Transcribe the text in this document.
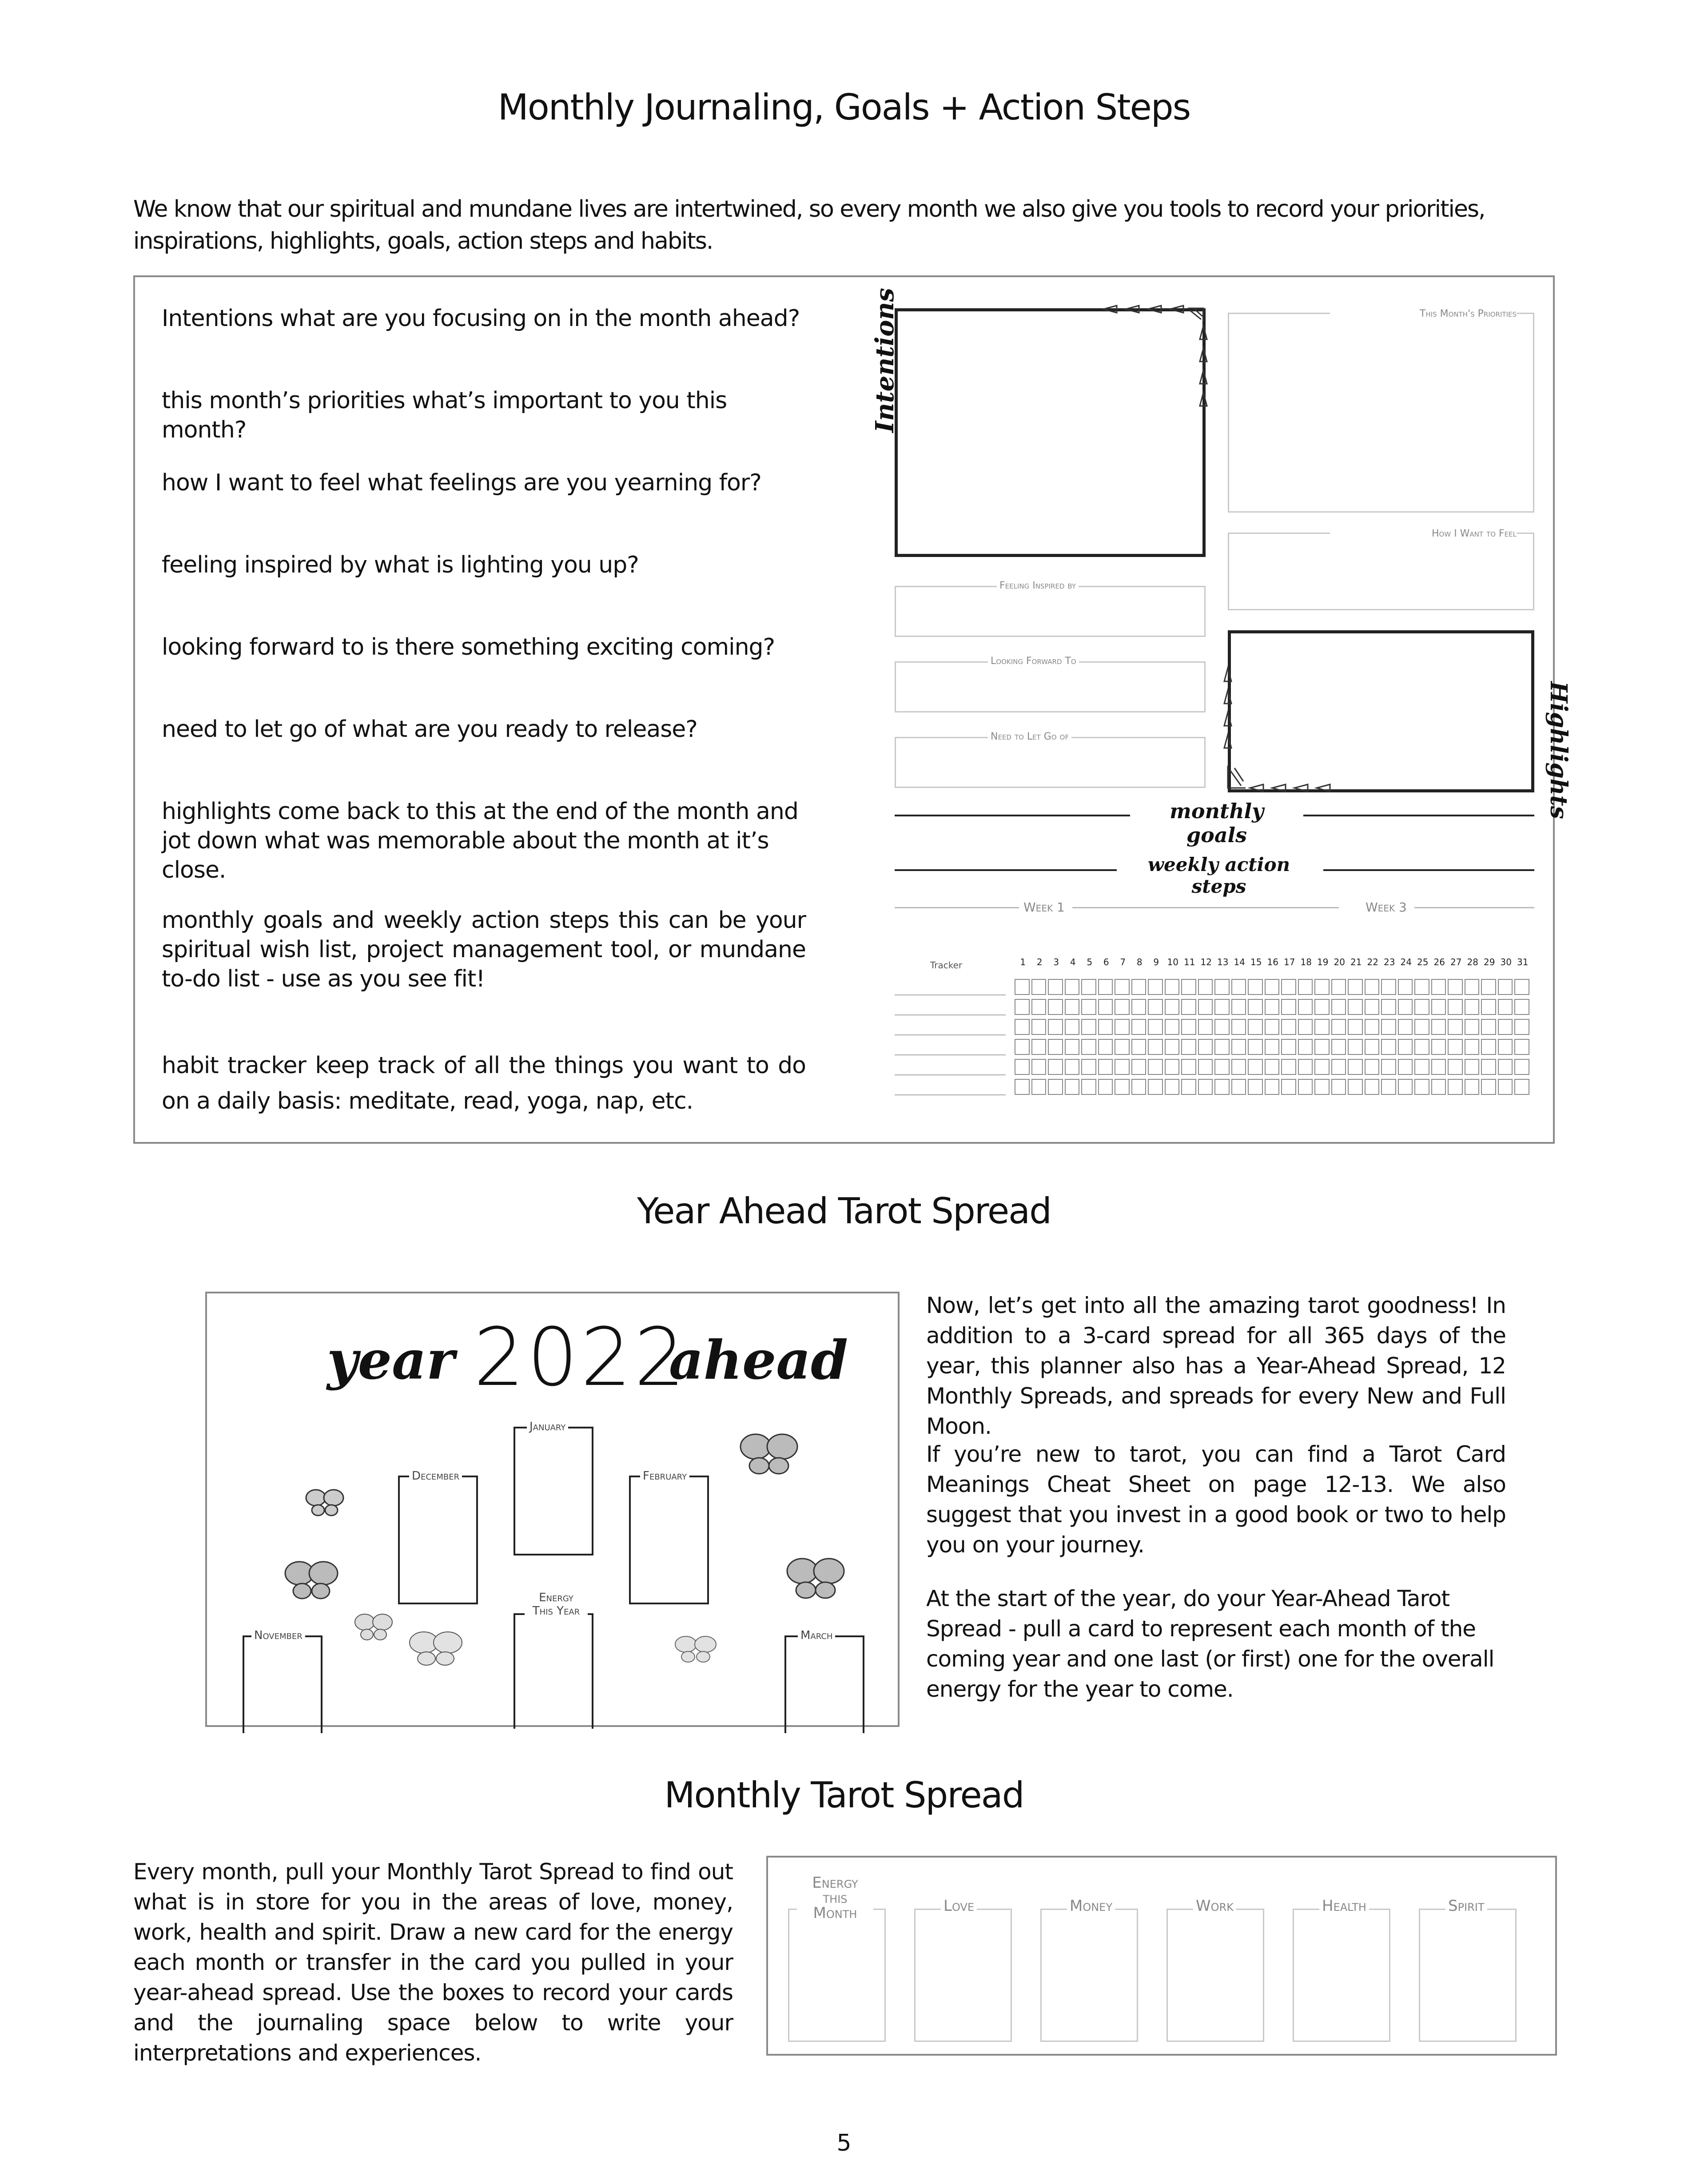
Monthly Journaling, Goals + Action Steps
We know that our spiritual and mundane lives are intertwined, so every month we also give you tools to record your priorities, inspirations, highlights, goals, action steps and habits.
Intentions what are you focusing on in the month ahead?
this month’s priorities what’s important to you this month?
how I want to feel what feelings are you yearning for?
feeling inspired by what is lighting you up?
looking forward to is there something exciting coming?
need to let go of what are you ready to release?
highlights come back to this at the end of the month and jot down what was memorable about the month at it’s close.
monthly goals and weekly action steps this can be your spiritual wish list, project management tool, or mundane to-do list - use as you see fit!
habit tracker keep track of all the things you want to do on a daily basis: meditate, read, yoga, nap, etc.
Intentions	This Month's Priorities
How I Want to Feel
Feeling Inspired by
Looking Forward To
Need to Let Go of	Highlights
monthly goals
weekly action steps
Week 1	Week 3
Tracker	1	2	3	4	5	6	7	8	9 10 11 12 13 14 15 16 17 18 19 20 21 22 23 24 25 26 27 28 29 30 31
Year Ahead Tarot Spread
year 2022
ahead
January
December	February
Energy This Year
November	March
Now, let’s get into all the amazing tarot goodness! In addition to a 3-card spread for all 365 days of the year, this planner also has a Year-Ahead Spread, 12 Monthly Spreads, and spreads for every New and Full Moon.
If you’re new to tarot, you can find a Tarot Card Meanings Cheat Sheet on page 12-13. We also suggest that you invest in a good book or two to help you on your journey.
At the start of the year, do your Year-Ahead Tarot Spread - pull a card to represent each month of the coming year and one last (or first) one for the overall energy for the year to come.
Monthly Tarot Spread
Every month, pull your Monthly Tarot Spread to find out what is in store for you in the areas of love, money, work, health and spirit. Draw a new card for the energy each month or transfer in the card you pulled in your year-ahead spread. Use the boxes to record your cards and the journaling space below to write your interpretations and experiences.
Energy this Month	Love	Money	Work	Health	Spirit
5
